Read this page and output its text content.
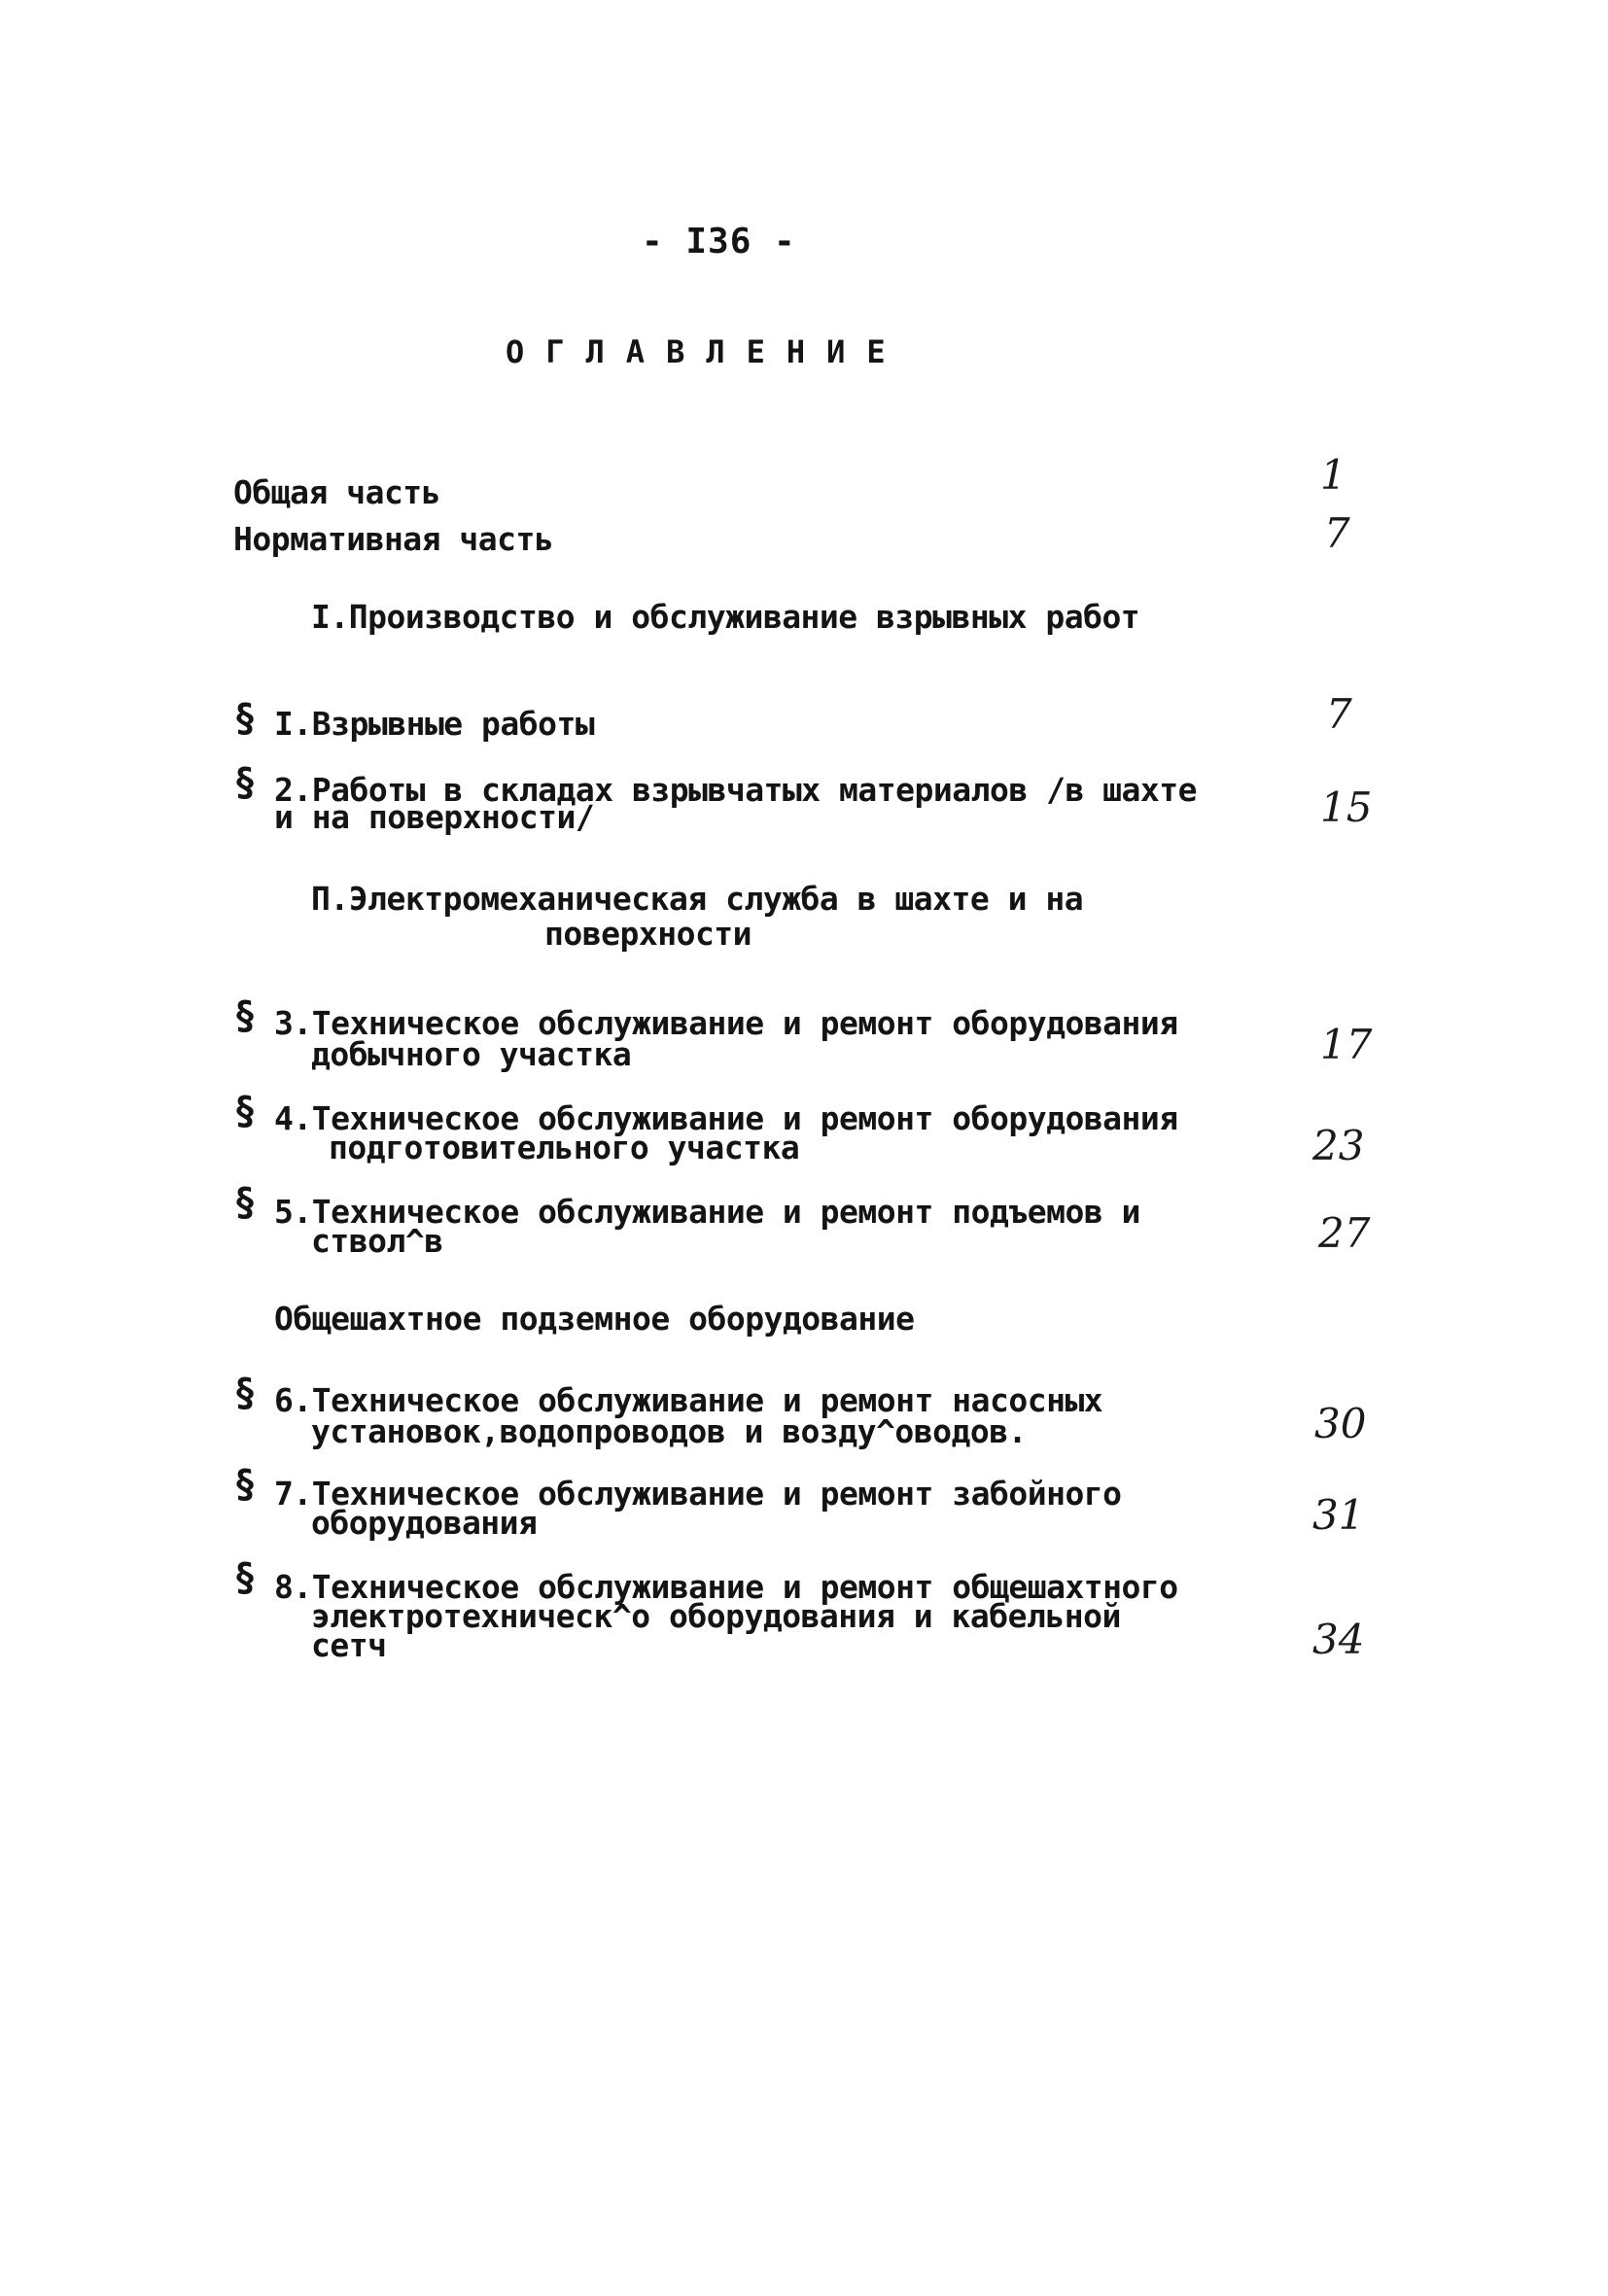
- I36 -
ОГЛАВЛЕНИЕ
Общая часть	1
Нормативная часть	7
I.Производство и обслуживание взрывных работ
§ I.Взрывные работы	7
§ 2.Работы в складах взрывчатых материалов /в шахте
и на поверхности/	15
П.Электромеханическая служба в шахте и на
поверхности
§ 3.Техническое обслуживание и ремонт оборудования
добычного участка	17
§ 4.Техническое обслуживание и ремонт оборудования
подготовительного участка	23
§ 5.Техническое обслуживание и ремонт подъемов и
ствол^в	27
Общешахтное подземное оборудование
§ 6.Техническое обслуживание и ремонт насосных
установок,водопроводов и возду^оводов.	30
§ 7.Техническое обслуживание и ремонт забойного
оборудования	31
§ 8.Техническое обслуживание и ремонт общешахтного
электротехническ^о оборудования и кабельной
сетч	34
